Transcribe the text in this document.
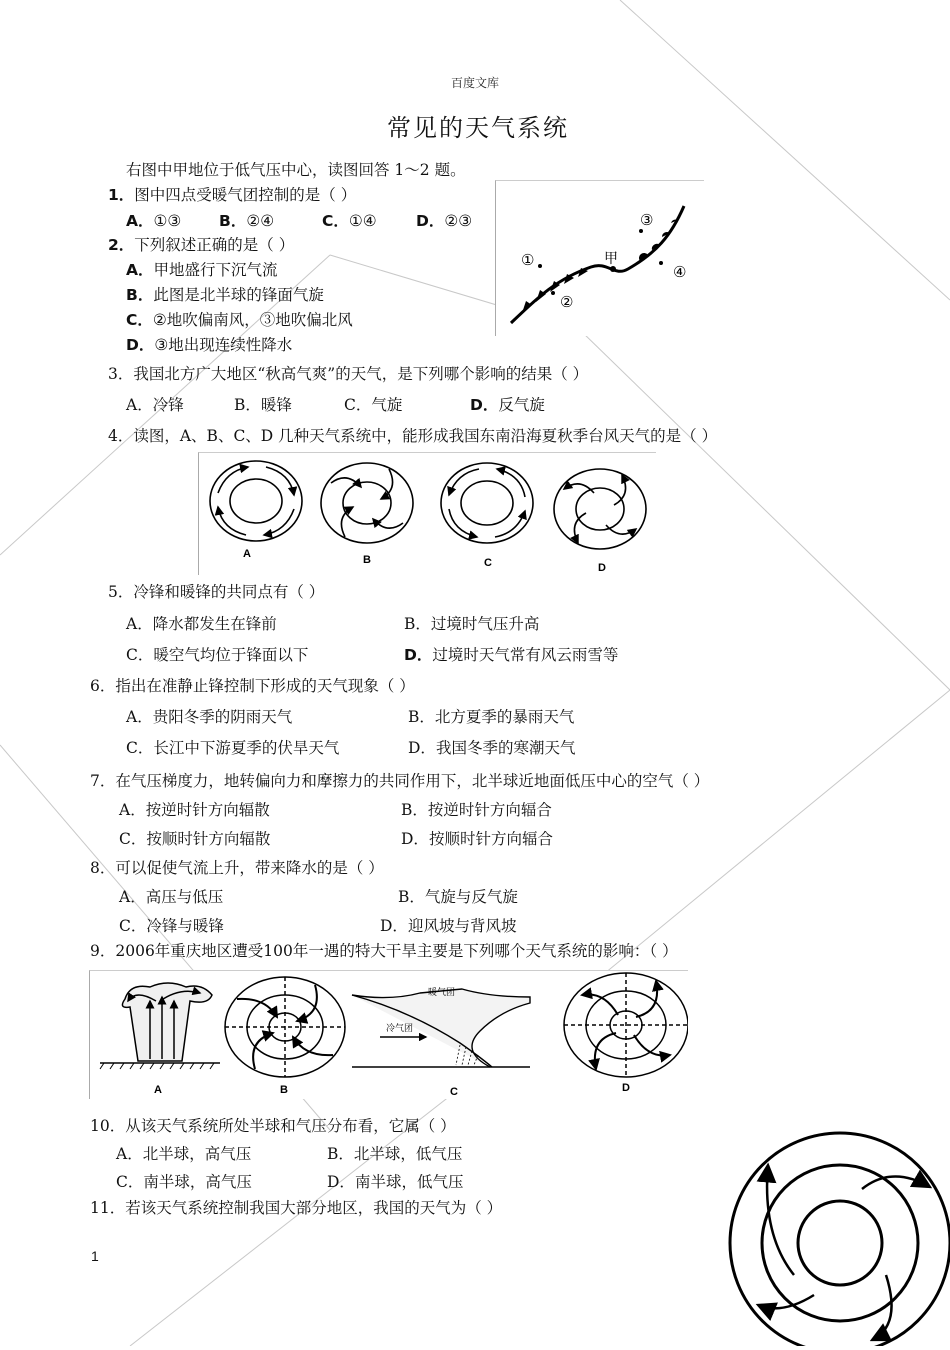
百度文库
常见的天气系统
右图中甲地位于低气压中心，读图回答 1～2 题。
1．图中四点受暖气团控制的是（ ）
A．①③ B．②④	C．①④	D．②③
2．下列叙述正确的是（ ）
A．甲地盛行下沉气流
B．此图是北半球的锋面气旋
C．②地吹偏南风，③地吹偏北风
D．③地出现连续性降水
①
②
③
④
甲
3．我国北方广大地区“秋高气爽”的天气，是下列哪个影响的结果（ ）
A．冷锋	B．暖锋	C．气旋	D．反气旋
4．读图，A、B、C、D 几种天气系统中，能形成我国东南沿海夏秋季台风天气的是（ ）
A	B	C	D
5．冷锋和暖锋的共同点有（ ）
A．降水都发生在锋前	B．过境时气压升高
C．暖空气均位于锋面以下	D．过境时天气常有风云雨雪等
6．指出在准静止锋控制下形成的天气现象（ ）
A．贵阳冬季的阴雨天气	B．北方夏季的暴雨天气
C．长江中下游夏季的伏旱天气	D．我国冬季的寒潮天气
7．在气压梯度力，地转偏向力和摩擦力的共同作用下，北半球近地面低压中心的空气（ ）
A．按逆时针方向辐散	B．按逆时针方向辐合
C．按顺时针方向辐散	D．按顺时针方向辐合
8．可以促使气流上升，带来降水的是（ ）
A．高压与低压	B．气旋与反气旋
C．冷锋与暖锋	D．迎风坡与背风坡
9．2006年重庆地区遭受100年一遇的特大干旱主要是下列哪个天气系统的影响：（ ）
暖气团
冷气团
A	B	C	D
10．从该天气系统所处半球和气压分布看，它属（ ）
A．北半球，高气压	B．北半球，低气压
C．南半球，高气压	D．南半球，低气压
11．若该天气系统控制我国大部分地区，我国的天气为（ ）
1
